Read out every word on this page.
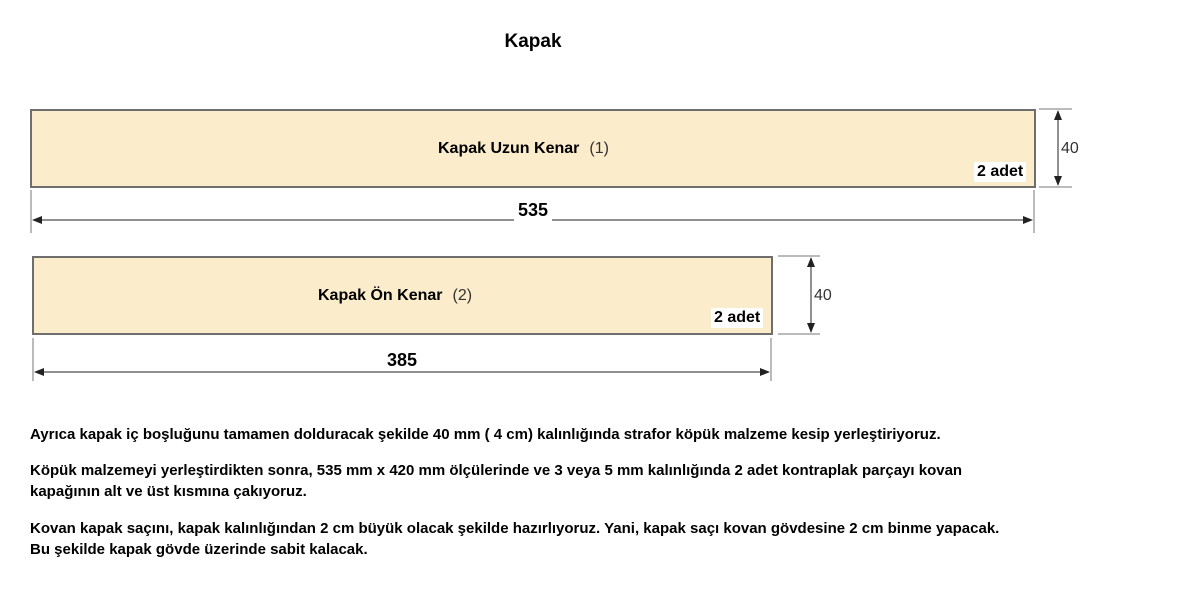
Kapak
Kapak Uzun Kenar (1)
2 adet
535
40
Kapak Ön Kenar (2)
2 adet
385
40
Ayrıca kapak iç boşluğunu tamamen dolduracak şekilde 40 mm ( 4 cm) kalınlığında strafor köpük malzeme kesip yerleştiriyoruz.
Köpük malzemeyi yerleştirdikten sonra, 535 mm x 420 mm ölçülerinde ve 3 veya 5 mm kalınlığında 2 adet kontraplak parçayı kovan kapağının alt ve üst kısmına çakıyoruz.
Kovan kapak saçını, kapak kalınlığından 2 cm büyük olacak şekilde hazırlıyoruz. Yani, kapak saçı kovan gövdesine 2 cm binme yapacak. Bu şekilde kapak gövde üzerinde sabit kalacak.
